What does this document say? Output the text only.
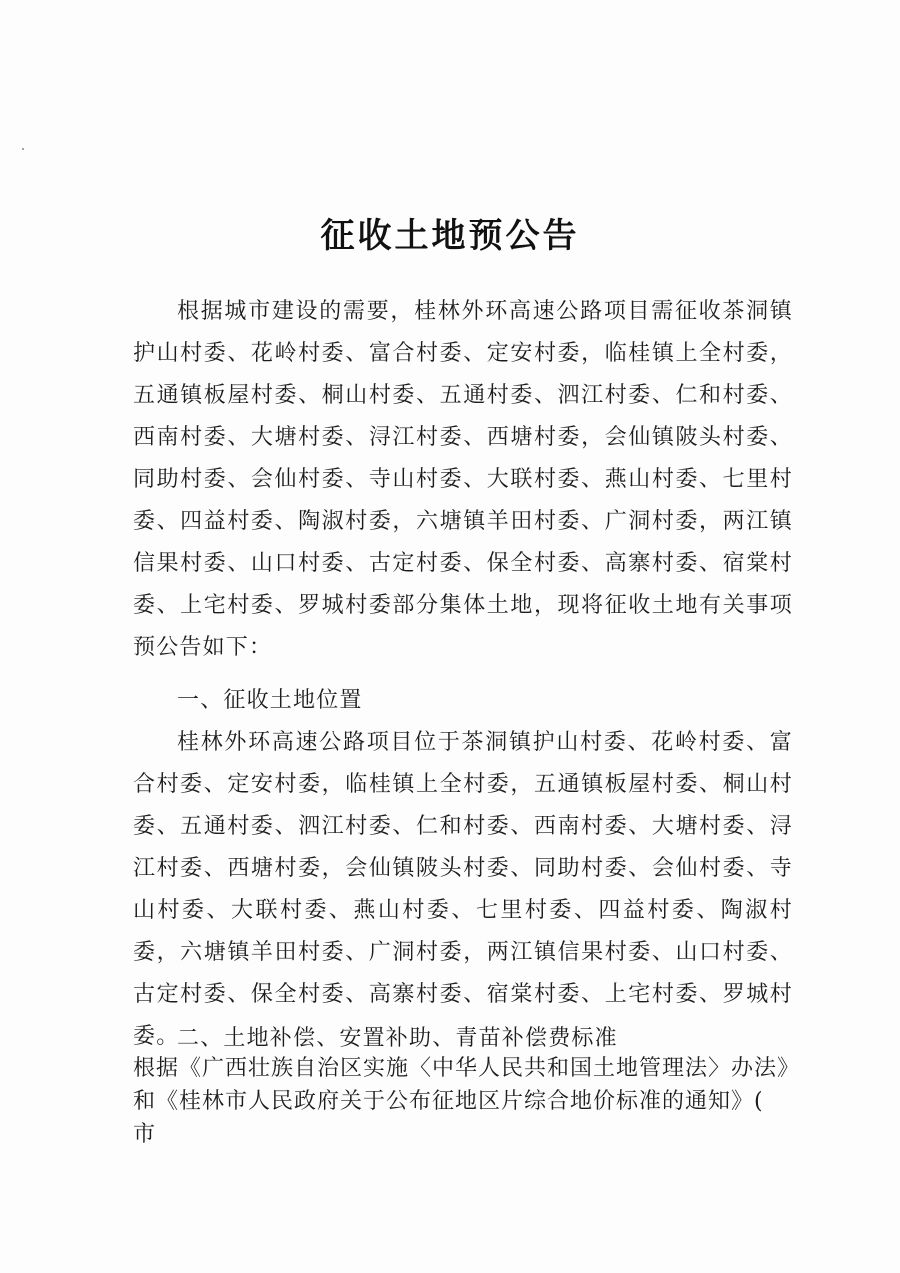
征收土地预公告

根据城市建设的需要，桂林外环高速公路项目需征收茶洞镇护山村委、花岭村委、富合村委、定安村委，临桂镇上全村委，五通镇板屋村委、桐山村委、五通村委、泗江村委、仁和村委、西南村委、大塘村委、浔江村委、西塘村委，会仙镇陂头村委、同助村委、会仙村委、寺山村委、大联村委、燕山村委、七里村委、四益村委、陶淑村委，六塘镇羊田村委、广洞村委，两江镇信果村委、山口村委、古定村委、保全村委、高寨村委、宿棠村委、上宅村委、罗城村委部分集体土地，现将征收土地有关事项预公告如下：

一、征收土地位置

桂林外环高速公路项目位于茶洞镇护山村委、花岭村委、富合村委、定安村委，临桂镇上全村委，五通镇板屋村委、桐山村委、五通村委、泗江村委、仁和村委、西南村委、大塘村委、浔江村委、西塘村委，会仙镇陂头村委、同助村委、会仙村委、寺山村委、大联村委、燕山村委、七里村委、四益村委、陶淑村委，六塘镇羊田村委、广洞村委，两江镇信果村委、山口村委、古定村委、保全村委、高寨村委、宿棠村委、上宅村委、罗城村委。

二、土地补偿、安置补助、青苗补偿费标准

根据《广西壮族自治区实施〈中华人民共和国土地管理法〉办法》和《桂林市人民政府关于公布征地区片综合地价标准的通知》( 市
